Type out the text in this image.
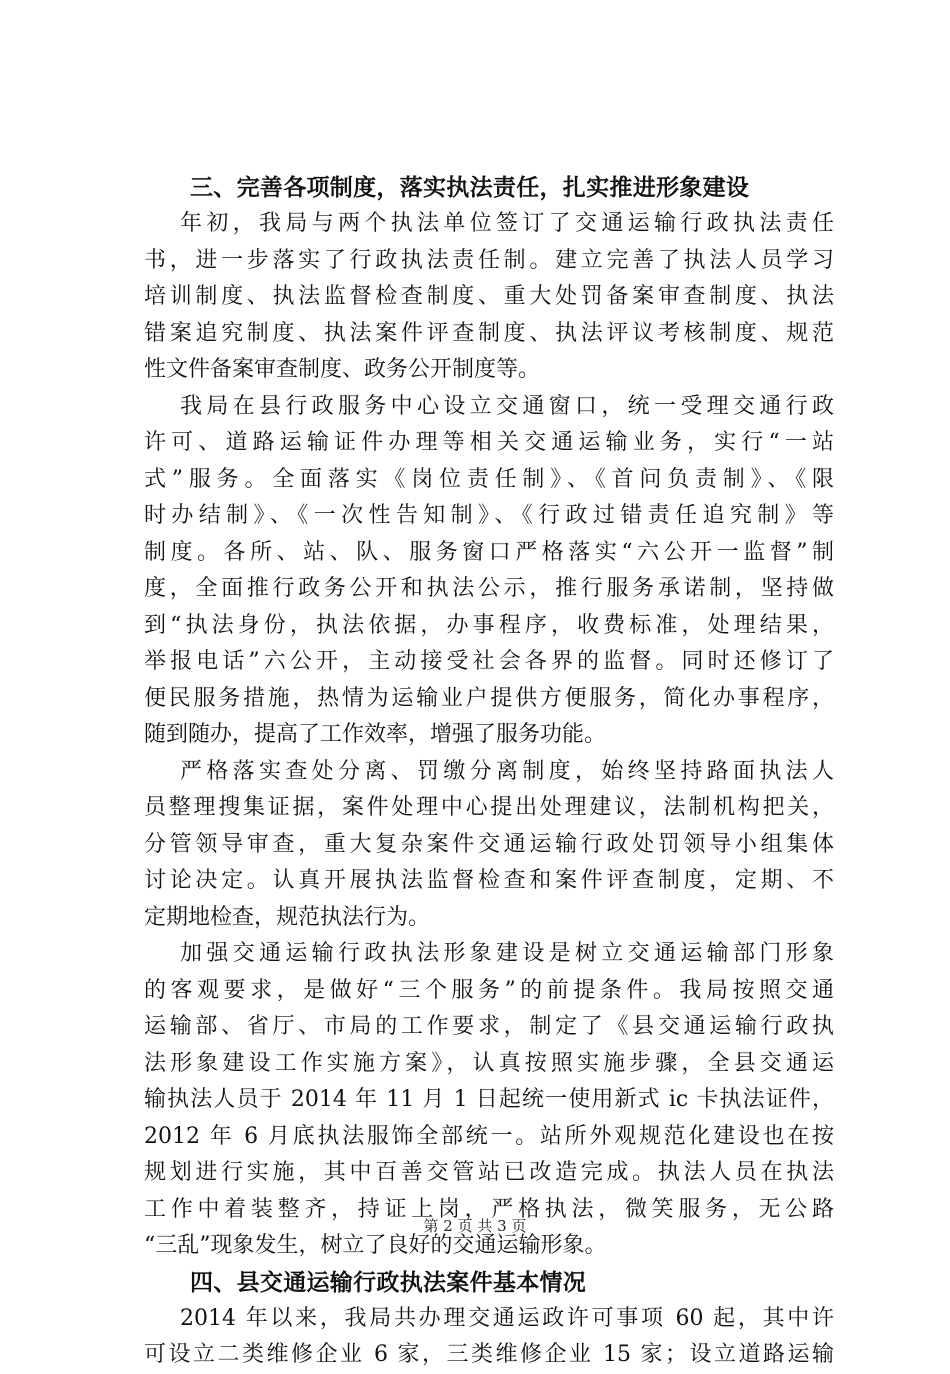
三、完善各项制度，落实执法责任，扎实推进形象建设
年初，我局与两个执法单位签订了交通运输行政执法责任
书，进一步落实了行政执法责任制。建立完善了执法人员学习
培训制度、执法监督检查制度、重大处罚备案审查制度、执法
错案追究制度、执法案件评查制度、执法评议考核制度、规范
性文件备案审查制度、政务公开制度等。
我局在县行政服务中心设立交通窗口，统一受理交通行政
许可、道路运输证件办理等相关交通运输业务，实行“一站
式”服务。全面落实《岗位责任制》、《首问负责制》、《限
时办结制》、《一次性告知制》、《行政过错责任追究制》等
制度。各所、站、队、服务窗口严格落实“六公开一监督”制
度，全面推行政务公开和执法公示，推行服务承诺制，坚持做
到“执法身份，执法依据，办事程序，收费标准，处理结果，
举报电话”六公开，主动接受社会各界的监督。同时还修订了
便民服务措施，热情为运输业户提供方便服务，简化办事程序，
随到随办，提高了工作效率，增强了服务功能。
严格落实查处分离、罚缴分离制度，始终坚持路面执法人
员整理搜集证据，案件处理中心提出处理建议，法制机构把关，
分管领导审查，重大复杂案件交通运输行政处罚领导小组集体
讨论决定。认真开展执法监督检查和案件评查制度，定期、不
定期地检查，规范执法行为。
加强交通运输行政执法形象建设是树立交通运输部门形象
的客观要求，是做好“三个服务”的前提条件。我局按照交通
运输部、省厅、市局的工作要求，制定了《县交通运输行政执
法形象建设工作实施方案》，认真按照实施步骤，全县交通运
输执法人员于 2014 年 11 月 1 日起统一使用新式 ic 卡执法证件，
2012 年 6 月底执法服饰全部统一。站所外观规范化建设也在按
规划进行实施，其中百善交管站已改造完成。执法人员在执法
工作中着装整齐，持证上岗，严格执法，微笑服务，无公路
“三乱”现象发生，树立了良好的交通运输形象。
四、县交通运输行政执法案件基本情况
2014 年以来，我局共办理交通运政许可事项 60 起，其中许
可设立二类维修企业 6 家，三类维修企业 15 家；设立道路运输
第 2 页 共 3 页
